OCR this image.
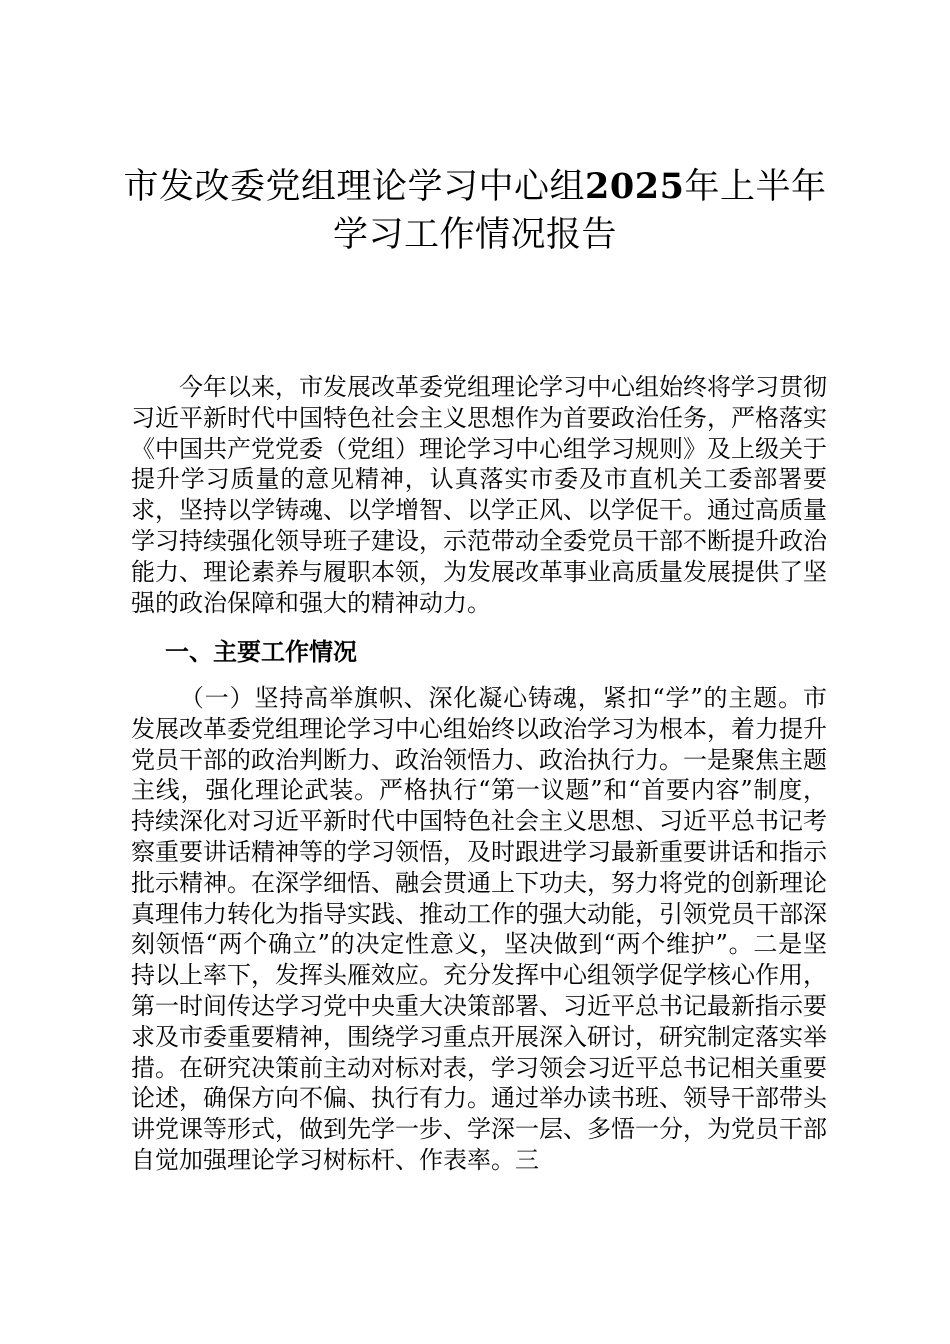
市发改委党组理论学习中心组2025年上半年
学习工作情况报告

今年以来，市发展改革委党组理论学习中心组始终将学习贯彻习近平新时代中国特色社会主义思想作为首要政治任务，严格落实《中国共产党党委（党组）理论学习中心组学习规则》及上级关于提升学习质量的意见精神，认真落实市委及市直机关工委部署要求，坚持以学铸魂、以学增智、以学正风、以学促干。通过高质量学习持续强化领导班子建设，示范带动全委党员干部不断提升政治能力、理论素养与履职本领，为发展改革事业高质量发展提供了坚强的政治保障和强大的精神动力。

一、主要工作情况

（一）坚持高举旗帜、深化凝心铸魂，紧扣“学”的主题。市发展改革委党组理论学习中心组始终以政治学习为根本，着力提升党员干部的政治判断力、政治领悟力、政治执行力。一是聚焦主题主线，强化理论武装。严格执行“第一议题”和“首要内容”制度，持续深化对习近平新时代中国特色社会主义思想、习近平总书记考察重要讲话精神等的学习领悟，及时跟进学习最新重要讲话和指示批示精神。在深学细悟、融会贯通上下功夫，努力将党的创新理论真理伟力转化为指导实践、推动工作的强大动能，引领党员干部深刻领悟“两个确立”的决定性意义，坚决做到“两个维护”。二是坚持以上率下，发挥头雁效应。充分发挥中心组领学促学核心作用，第一时间传达学习党中央重大决策部署、习近平总书记最新指示要求及市委重要精神，围绕学习重点开展深入研讨，研究制定落实举措。在研究决策前主动对标对表，学习领会习近平总书记相关重要论述，确保方向不偏、执行有力。通过举办读书班、领导干部带头讲党课等形式，做到先学一步、学深一层、多悟一分，为党员干部自觉加强理论学习树标杆、作表率。三
